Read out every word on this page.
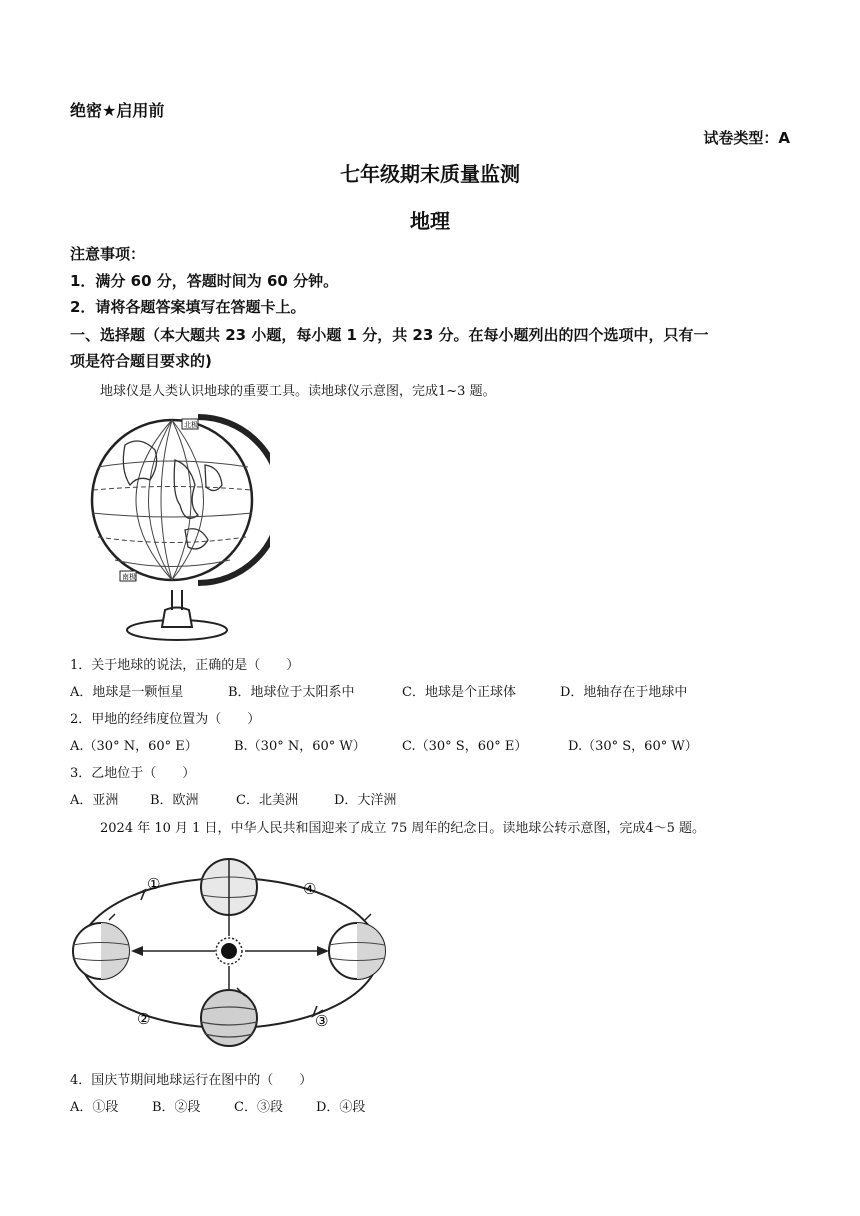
绝密★启用前
试卷类型：A
七年级期末质量监测
地理
注意事项：
1．满分 60 分，答题时间为 60 分钟。
2．请将各题答案填写在答题卡上。
一、选择题（本大题共 23 小题，每小题 1 分，共 23 分。在每小题列出的四个选项中，只有一
项是符合题目要求的)
地球仪是人类认识地球的重要工具。读地球仪示意图，完成1~3 题。
北极
南极
1．关于地球的说法，正确的是（　　）
A．地球是一颗恒星	B．地球位于太阳系中	C．地球是个正球体	D．地轴存在于地球中
2．甲地的经纬度位置为（　　）
A.（30° N，60° E）	B.（30° N，60° W）	C.（30° S，60° E）	D.（30° S，60° W）
3．乙地位于（　　）
A．亚洲 B．欧洲	C．北美洲	D．大洋洲
2024 年 10 月 1 日，中华人民共和国迎来了成立 75 周年的纪念日。读地球公转示意图，完成4～5 题。
①
②	③
④
4．国庆节期间地球运行在图中的（　　）
A．①段	B．②段	C．③段	D．④段
